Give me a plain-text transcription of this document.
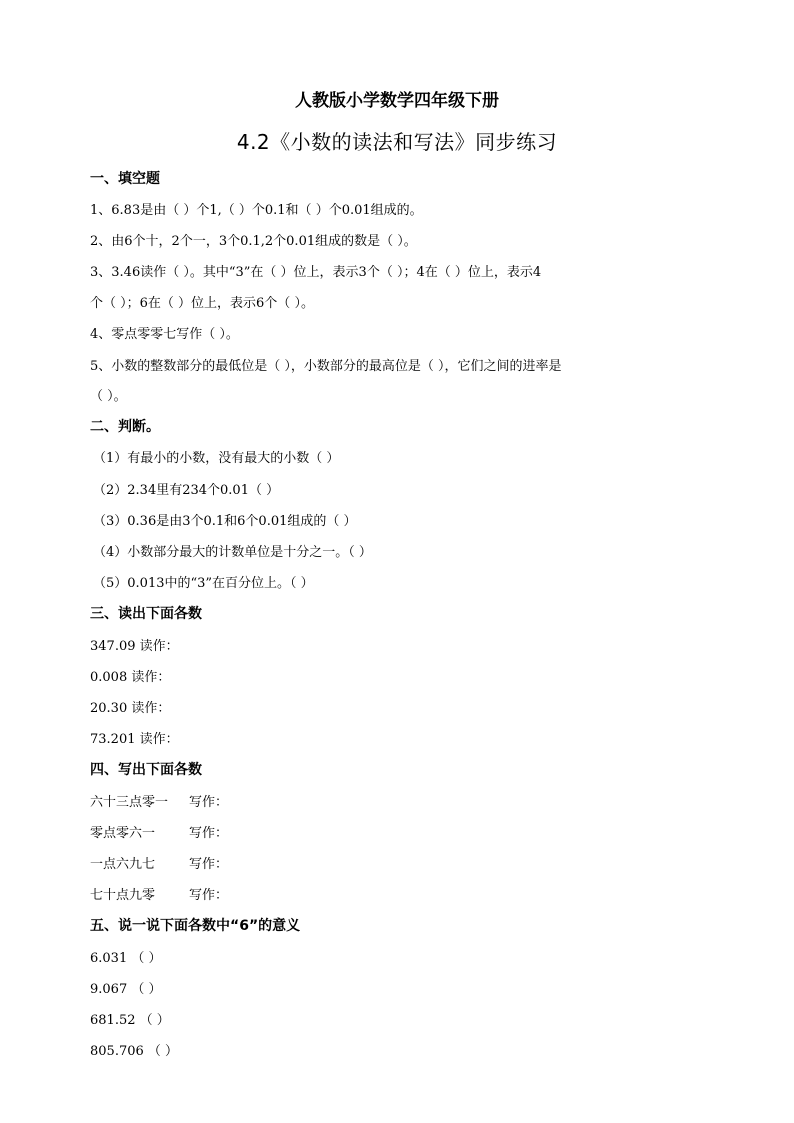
人教版小学数学四年级下册
4.2《小数的读法和写法》同步练习
一、填空题
1、6.83是由（ ）个1,（ ）个0.1和（ ）个0.01组成的。
2、由6个十，2个一，3个0.1,2个0.01组成的数是（ ）。
3、3.46读作（ ）。其中“3”在（ ）位上，表示3个（ ）；4在（ ）位上，表示4
个（ ）；6在（ ）位上，表示6个（ ）。
4、零点零零七写作（ ）。
5、小数的整数部分的最低位是（ ），小数部分的最高位是（ ），它们之间的进率是
（ ）。
二、判断。
（1）有最小的小数，没有最大的小数（ ）
（2）2.34里有234个0.01（ ）
（3）0.36是由3个0.1和6个0.01组成的（ ）
（4）小数部分最大的计数单位是十分之一。（ ）
（5）0.013中的“3”在百分位上。（ ）
三、读出下面各数
347.09 读作：
0.008 读作：
20.30 读作：
73.201 读作：
四、写出下面各数
六十三点零一 写作：
零点零六一	写作：
一点六九七	写作：
七十点九零	写作：
五、说一说下面各数中“6”的意义
6.031 （ ）
9.067 （ ）
681.52 （ ）
805.706 （ ）
